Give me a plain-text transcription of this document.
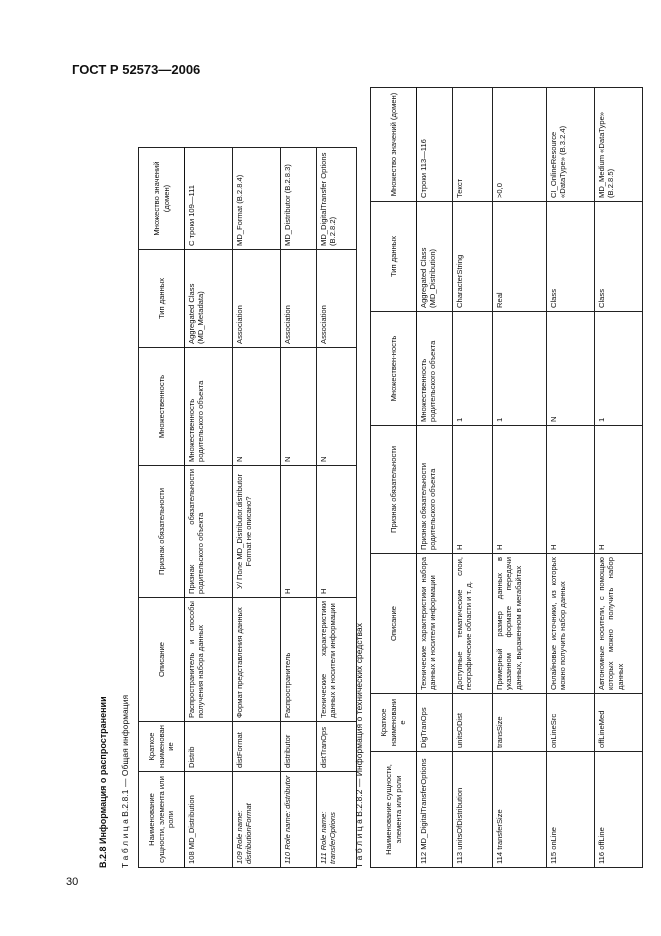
ГОСТ Р 52573—2006
30
В.2.8 Информация о распространении Т а б л и ц а В.2.8.1 — Общая информация
Наименование сущности, элемента или роли	Краткое наименование	Описание	Признак обязательности	Множественность	Тип данных	Множество значений (домен)
108 MD_Distribution	Distrib	Распространитель и способы получения набора данных	Признак обязательности родительского объекта	Множественность родительского объекта	Aggregated Class (MD_Metadata)	С троки 109—111
109 Role name: distributionFormat	distFormat	Формат представления данных	У/ Поле MD_Distributor.distributor Format не описано?	N	Association	MD_Format (B.2.8.4)
110 Role name: distributor	distributor	Распространитель	Н	N	Association	MD_Distributor (B.2.8.3)
111 Role name: transferOptions	distTranOps	Технические характеристики данных и носители информации	Н	N	Association	MD_DigitalTransfer Options (B.2.8.2)
Т а б л и ц а В.2.8.2 — Информация о технических средствах	Наименование сущности, элемента или роли	Краткое наименование	Описание	Признак обязательности	Множествен-ность	Тип данных	Множество значений (домен)
112 MD_DigitalTransferOptions	DigTranOps	Технические характеристики набора данных и носители информации	Признак обязательности родительского объекта	Множественность родительского объекта	Aggregated Class (MD_Distribution)	Строки 113—116
113 unitsOfDistribution	unitsODist	Доступные тематические слои, географические области и т. д.	Н	1	CharacterString	Текст
114 transferSize	transSize	Примерный размер данных в указанном формате передачи данных, выраженном в мегабайтах	Н	1	Real	>0,0
115 onLine	onLineSrc	Онлайновые источники, из которых можно получить набор данных	Н	N	Class	CI_OnlineResource «DataType» (B.3.2.4)
116 offLine	offLineMed	Автономные носители, с помощью которых можно получить набор данных	Н	1	Class	MD_Medium «DataType» (B.2.8.5)
